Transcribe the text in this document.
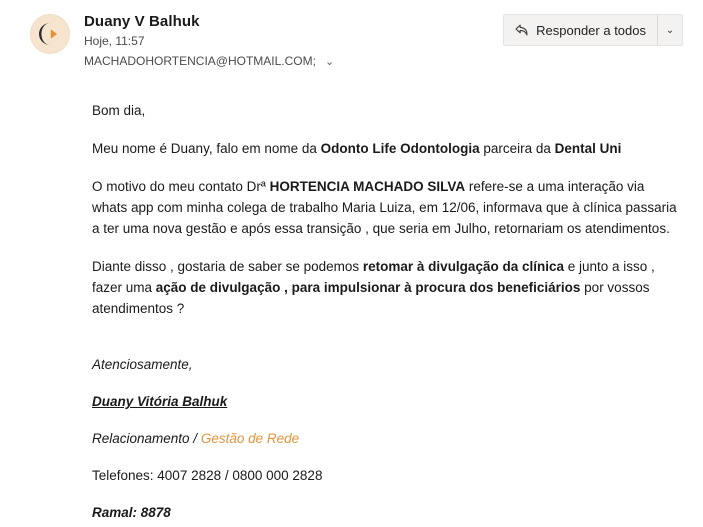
Duany V Balhuk
Hoje, 11:57
MACHADOHORTENCIA@HOTMAIL.COM; ⌄
Responder a todos	⌄

Bom dia,

Meu nome é Duany, falo em nome da Odonto Life Odontologia parceira da Dental Uni

O motivo do meu contato Drª HORTENCIA MACHADO SILVA refere-se a uma interação via whats app com minha colega de trabalho Maria Luiza, em 12/06, informava que à clínica passaria a ter uma nova gestão e após essa transição , que seria em Julho, retornariam os atendimentos.

Diante disso , gostaria de saber se podemos retomar à divulgação da clínica e junto a isso , fazer uma ação de divulgação , para impulsionar à procura dos beneficiários por vossos atendimentos ?

Atenciosamente,

Duany Vitória Balhuk

Relacionamento / Gestão de Rede

Telefones: 4007 2828 / 0800 000 2828

Ramal: 8878
